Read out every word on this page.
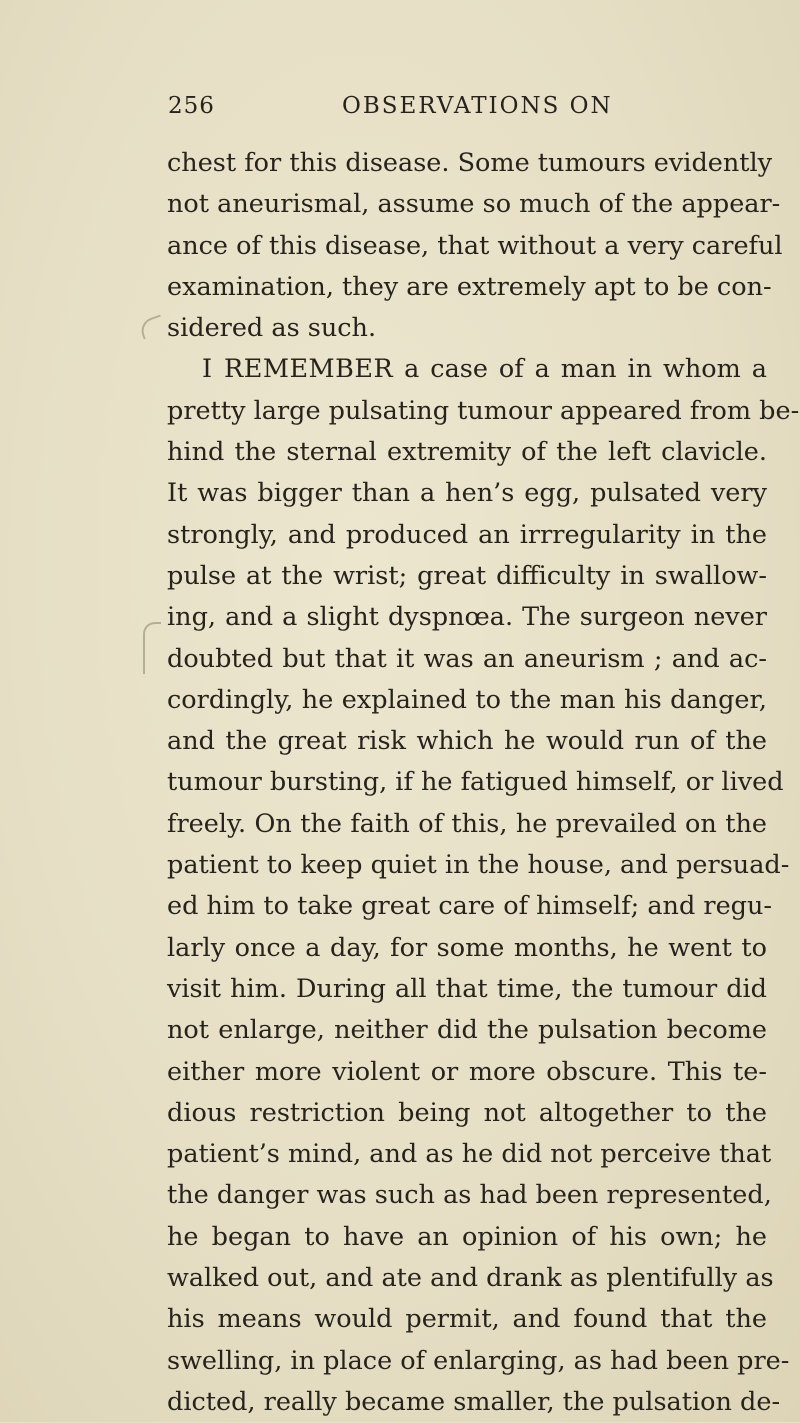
256	OBSERVATIONS ON
chest for this disease. Some tumours evidently
not aneurismal, assume so much of the appear-
ance of this disease, that without a very careful
examination, they are extremely apt to be con-
sidered as such.
I REMEMBER a case of a man in whom a
pretty large pulsating tumour appeared from be-
hind the sternal extremity of the left clavicle.
It was bigger than a hen’s egg, pulsated very
strongly, and produced an irrregularity in the
pulse at the wrist; great difficulty in swallow-
ing, and a slight dyspnœa. The surgeon never
doubted but that it was an aneurism ; and ac-
cordingly, he explained to the man his danger,
and the great risk which he would run of the
tumour bursting, if he fatigued himself, or lived
freely. On the faith of this, he prevailed on the
patient to keep quiet in the house, and persuad-
ed him to take great care of himself; and regu-
larly once a day, for some months, he went to
visit him. During all that time, the tumour did
not enlarge, neither did the pulsation become
either more violent or more obscure. This te-
dious restriction being not altogether to the
patient’s mind, and as he did not perceive that
the danger was such as had been represented,
he began to have an opinion of his own; he
walked out, and ate and drank as plentifully as
his means would permit, and found that the
swelling, in place of enlarging, as had been pre-
dicted, really became smaller, the pulsation de-
